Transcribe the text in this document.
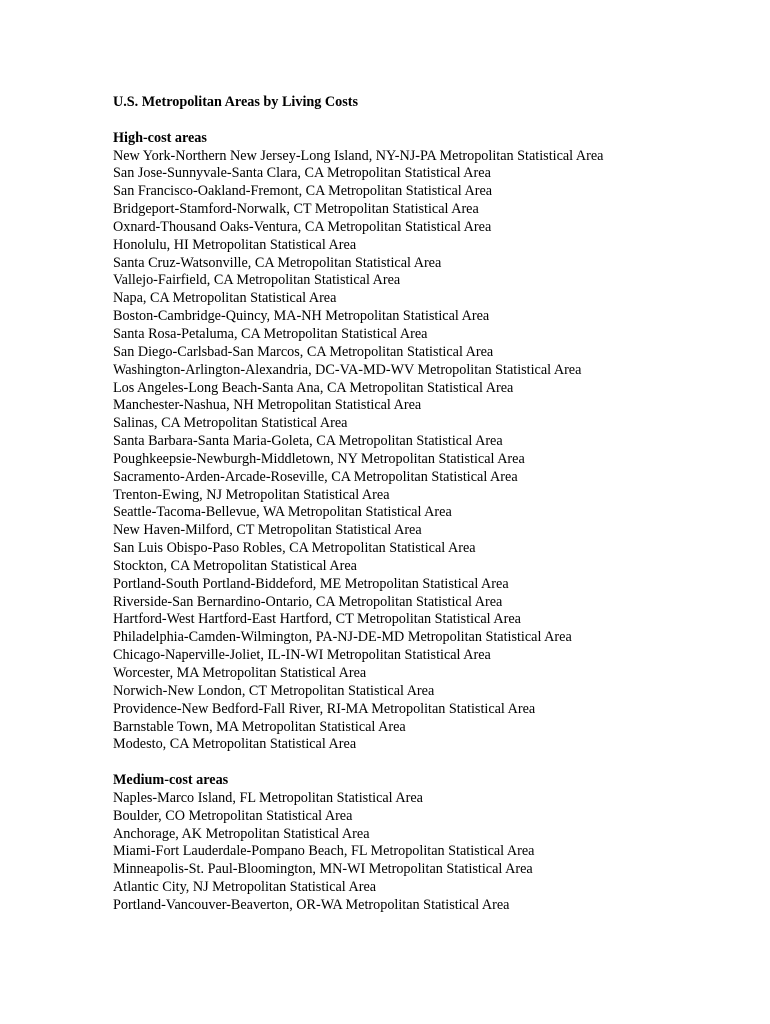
U.S. Metropolitan Areas by Living Costs
High-cost areas
New York-Northern New Jersey-Long Island, NY-NJ-PA Metropolitan Statistical Area
San Jose-Sunnyvale-Santa Clara, CA Metropolitan Statistical Area
San Francisco-Oakland-Fremont, CA Metropolitan Statistical Area
Bridgeport-Stamford-Norwalk, CT Metropolitan Statistical Area
Oxnard-Thousand Oaks-Ventura, CA Metropolitan Statistical Area
Honolulu, HI Metropolitan Statistical Area
Santa Cruz-Watsonville, CA Metropolitan Statistical Area
Vallejo-Fairfield, CA Metropolitan Statistical Area
Napa, CA Metropolitan Statistical Area
Boston-Cambridge-Quincy, MA-NH Metropolitan Statistical Area
Santa Rosa-Petaluma, CA Metropolitan Statistical Area
San Diego-Carlsbad-San Marcos, CA Metropolitan Statistical Area
Washington-Arlington-Alexandria, DC-VA-MD-WV Metropolitan Statistical Area
Los Angeles-Long Beach-Santa Ana, CA Metropolitan Statistical Area
Manchester-Nashua, NH Metropolitan Statistical Area
Salinas, CA Metropolitan Statistical Area
Santa Barbara-Santa Maria-Goleta, CA Metropolitan Statistical Area
Poughkeepsie-Newburgh-Middletown, NY Metropolitan Statistical Area
Sacramento-Arden-Arcade-Roseville, CA Metropolitan Statistical Area
Trenton-Ewing, NJ Metropolitan Statistical Area
Seattle-Tacoma-Bellevue, WA Metropolitan Statistical Area
New Haven-Milford, CT Metropolitan Statistical Area
San Luis Obispo-Paso Robles, CA Metropolitan Statistical Area
Stockton, CA Metropolitan Statistical Area
Portland-South Portland-Biddeford, ME Metropolitan Statistical Area
Riverside-San Bernardino-Ontario, CA Metropolitan Statistical Area
Hartford-West Hartford-East Hartford, CT Metropolitan Statistical Area
Philadelphia-Camden-Wilmington, PA-NJ-DE-MD Metropolitan Statistical Area
Chicago-Naperville-Joliet, IL-IN-WI Metropolitan Statistical Area
Worcester, MA Metropolitan Statistical Area
Norwich-New London, CT Metropolitan Statistical Area
Providence-New Bedford-Fall River, RI-MA Metropolitan Statistical Area
Barnstable Town, MA Metropolitan Statistical Area
Modesto, CA Metropolitan Statistical Area
Medium-cost areas
Naples-Marco Island, FL Metropolitan Statistical Area
Boulder, CO Metropolitan Statistical Area
Anchorage, AK Metropolitan Statistical Area
Miami-Fort Lauderdale-Pompano Beach, FL Metropolitan Statistical Area
Minneapolis-St. Paul-Bloomington, MN-WI Metropolitan Statistical Area
Atlantic City, NJ Metropolitan Statistical Area
Portland-Vancouver-Beaverton, OR-WA Metropolitan Statistical Area
